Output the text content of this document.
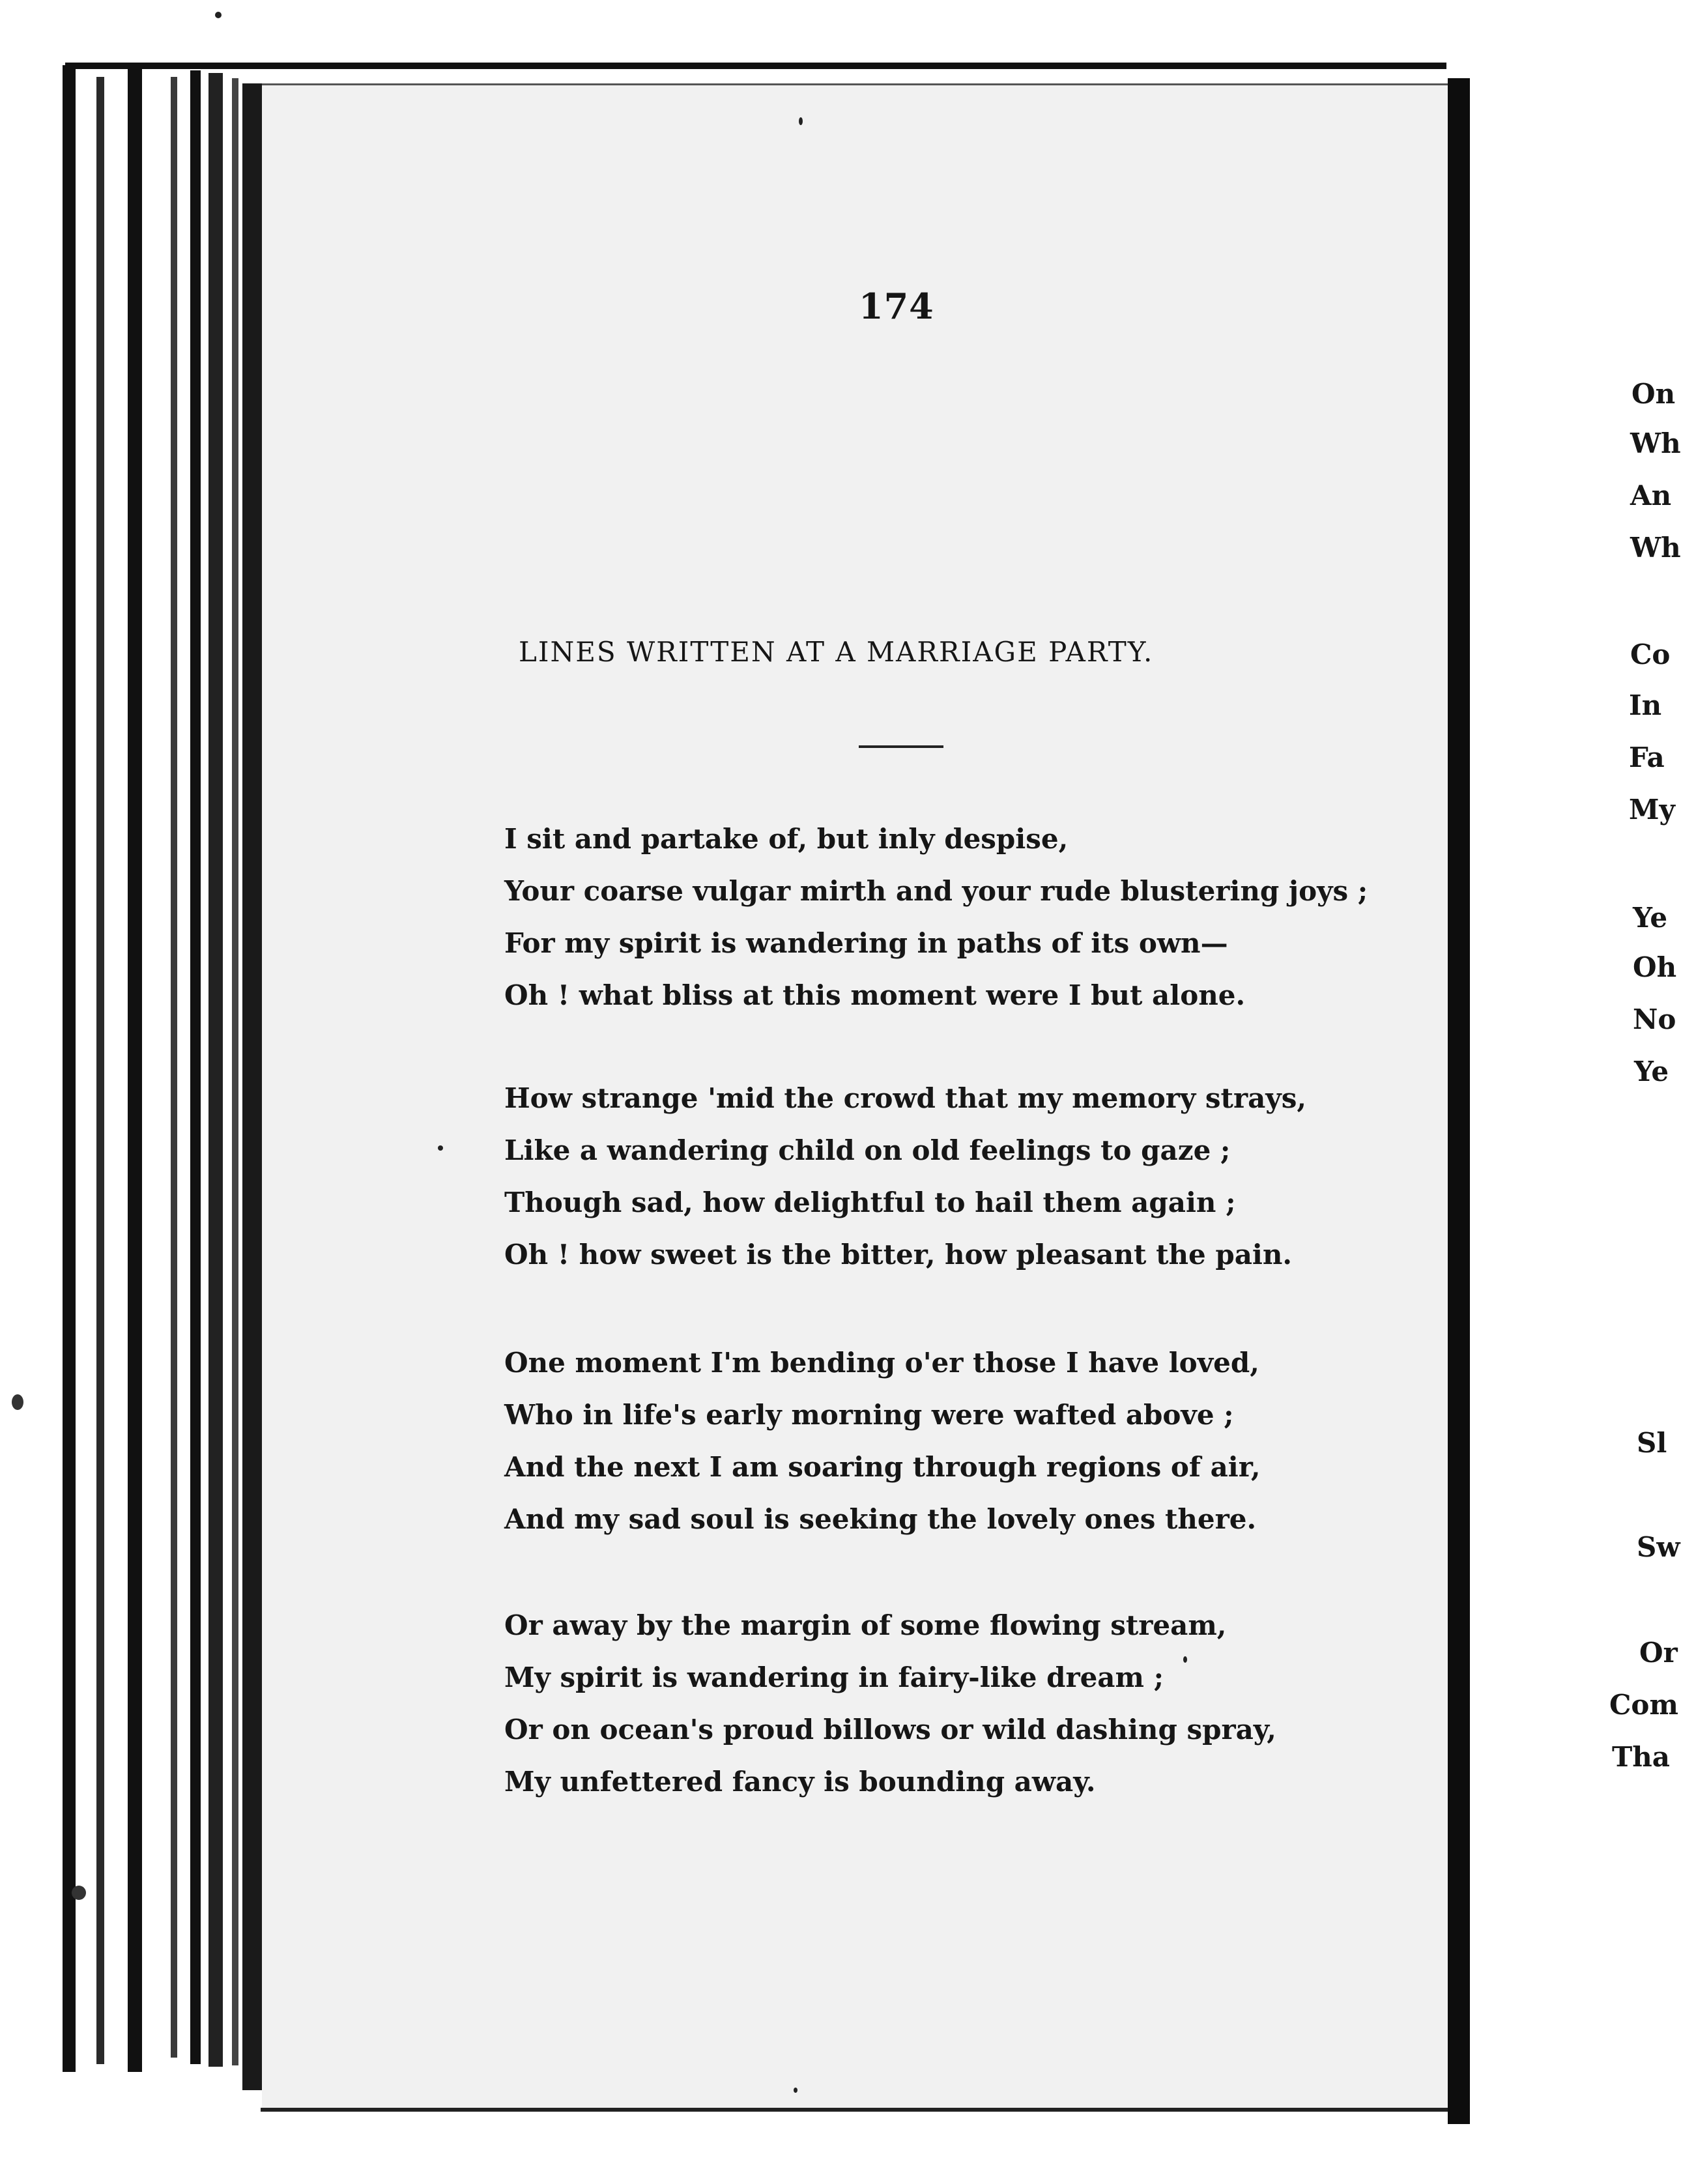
174
LINES WRITTEN AT A MARRIAGE PARTY.
I sit and partake of, but inly despise,
Your coarse vulgar mirth and your rude blustering joys ;
For my spirit is wandering in paths of its own—
Oh ! what bliss at this moment were I but alone.
How strange 'mid the crowd that my memory strays,
Like a wandering child on old feelings to gaze ;
Though sad, how delightful to hail them again ;
Oh ! how sweet is the bitter, how pleasant the pain.
One moment I'm bending o'er those I have loved,
Who in life's early morning were wafted above ;
And the next I am soaring through regions of air,
And my sad soul is seeking the lovely ones there.
Or away by the margin of some flowing stream,
My spirit is wandering in fairy-like dream ;
Or on ocean's proud billows or wild dashing spray,
My unfettered fancy is bounding away.
On
Wh
An
Wh
Co
In
Fa
My
Ye
Oh
No
Ye
Sl
Sw
Or
Com
Tha
